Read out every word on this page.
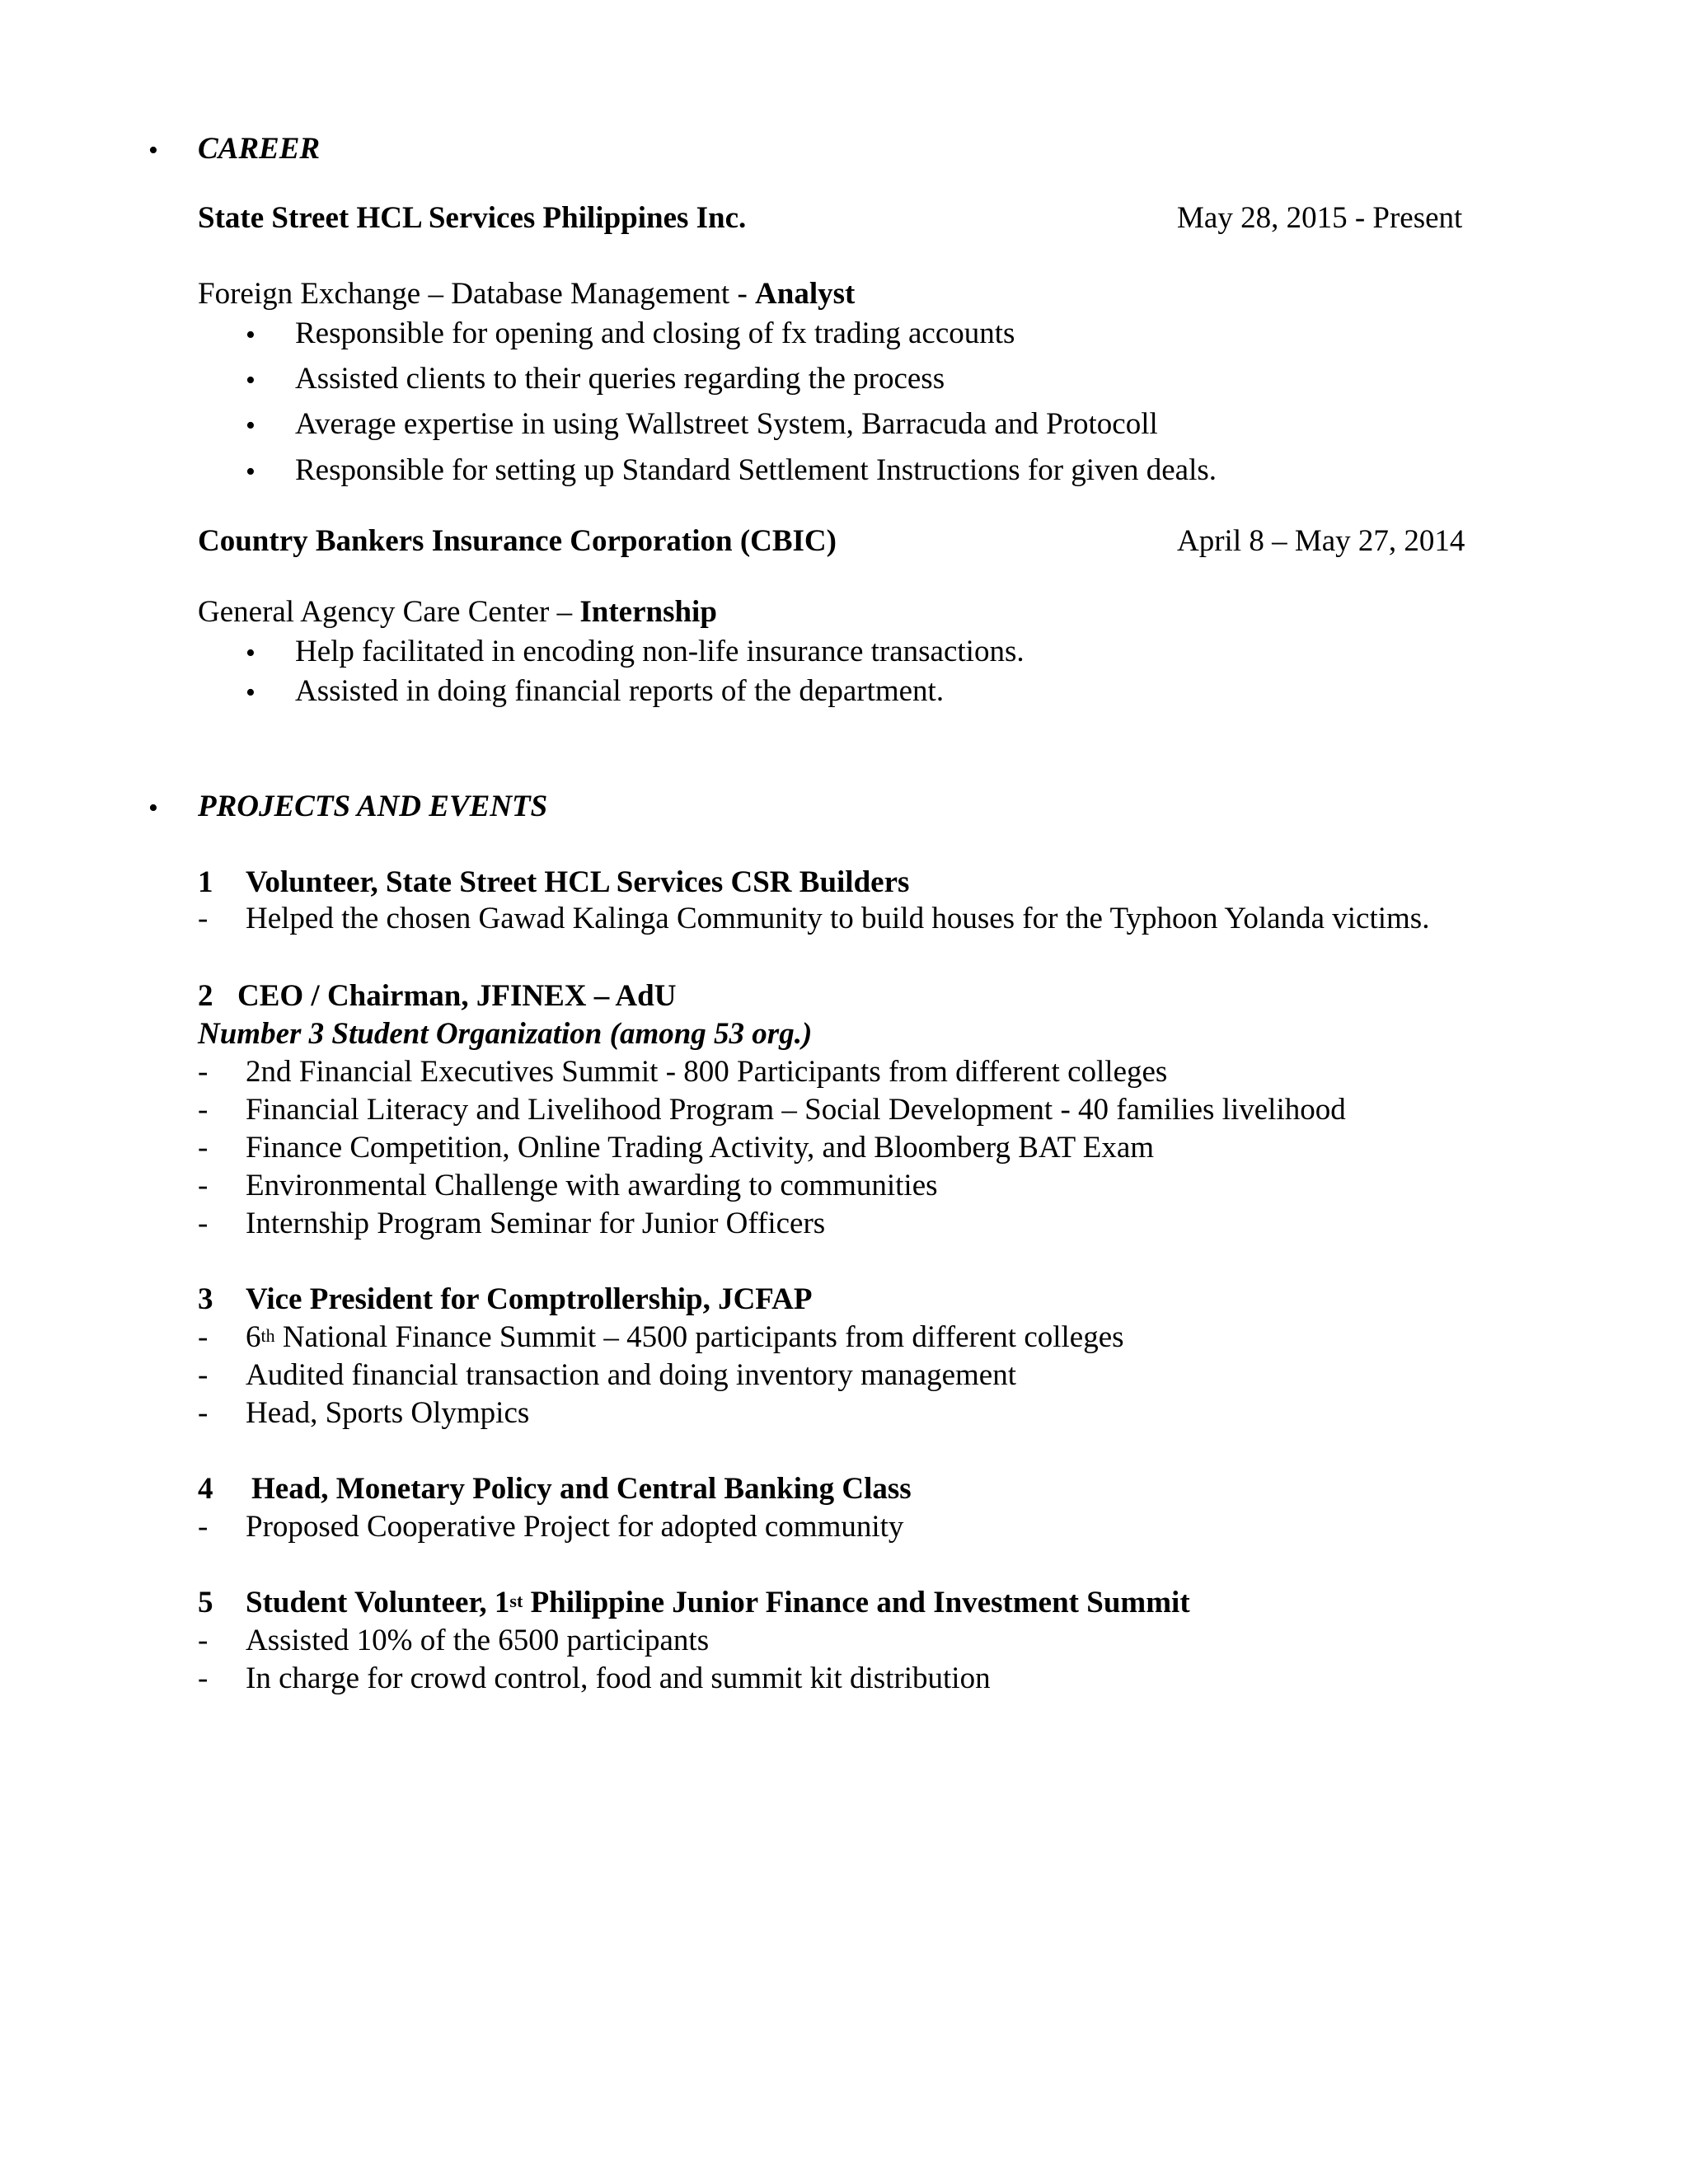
• CAREER
State Street HCL Services Philippines Inc.	May 28, 2015 - Present
Foreign Exchange – Database Management - Analyst
• Responsible for opening and closing of fx trading accounts
• Assisted clients to their queries regarding the process
• Average expertise in using Wallstreet System, Barracuda and Protocoll
• Responsible for setting up Standard Settlement Instructions for given deals.
Country Bankers Insurance Corporation (CBIC)	April 8 – May 27, 2014
General Agency Care Center – Internship
• Help facilitated in encoding non-life insurance transactions.
• Assisted in doing financial reports of the department.
• PROJECTS AND EVENTS
1 Volunteer, State Street HCL Services CSR Builders
- Helped the chosen Gawad Kalinga Community to build houses for the Typhoon Yolanda victims.
2 CEO / Chairman, JFINEX – AdU
Number 3 Student Organization (among 53 org.)
- 2nd Financial Executives Summit - 800 Participants from different colleges
- Financial Literacy and Livelihood Program – Social Development - 40 families livelihood
- Finance Competition, Online Trading Activity, and Bloomberg BAT Exam
- Environmental Challenge with awarding to communities
- Internship Program Seminar for Junior Officers
3 Vice President for Comptrollership, JCFAP
- 6th National Finance Summit – 4500 participants from different colleges
- Audited financial transaction and doing inventory management
- Head, Sports Olympics
4 Head, Monetary Policy and Central Banking Class
- Proposed Cooperative Project for adopted community
5 Student Volunteer, 1st Philippine Junior Finance and Investment Summit
- Assisted 10% of the 6500 participants
- In charge for crowd control, food and summit kit distribution
